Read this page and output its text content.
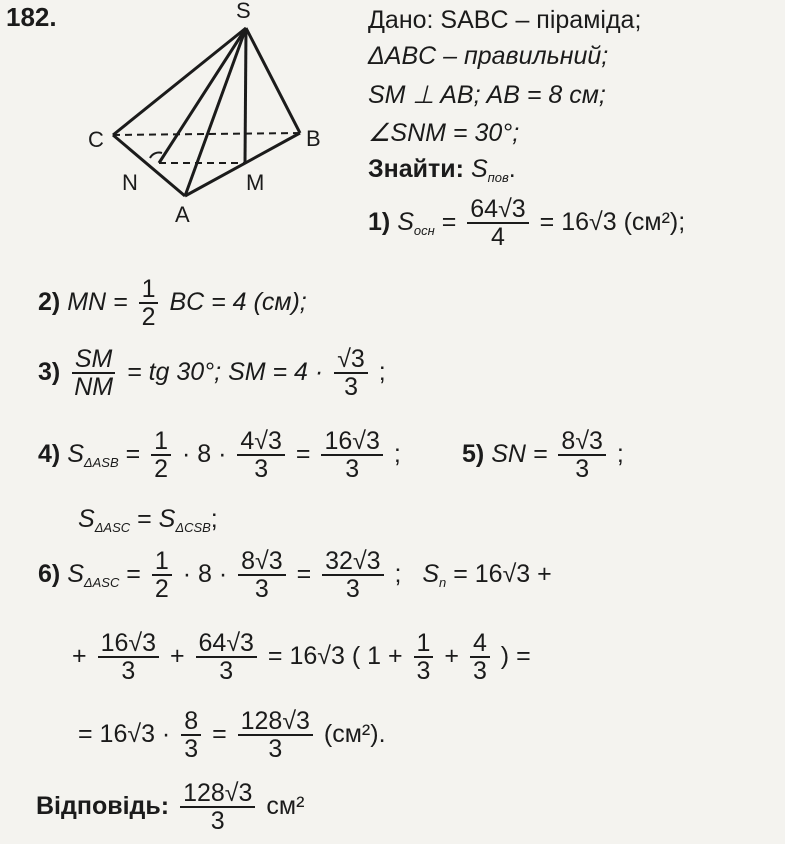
182.	S
C	B
N	M
A
Дано: SABC – піраміда;
ΔABC – правильний;
SM ⊥ AB; AB = 8 см;
∠SNM = 30°;
Знайти: $S_{пов}$.
1) $S_{осн} = \frac{64√3}{4} = 16√3$ (см²);
2) MN = $\frac{1}{2}$ BC = 4 (см);
$3) \frac{SM}{NM}$ = tg 30°; SM = $4 \cdot \frac{√3}{3}$ ;
4) $S_{\Delta ASB} = \frac{1}{2} \cdot 8 \cdot \frac{4√3}{3} = \frac{16√3}{3}$ ; 5) SN = $\frac{8√3}{3}$ ;
$S_{\Delta ASC} = S_{\Delta CSB}$;
6) $S_{\Delta ASC} = \frac{1}{2} \cdot 8 \cdot \frac{8√3}{3} = \frac{32√3}{3}$ ; $S_n = 16√3$ +
+ $\frac{16√3}{3} + \frac{64√3}{3} = 16√3$ ( $1 + \frac{1}{3} + \frac{4}{3}$ ) =
= $16√3 \cdot \frac{8}{3} = \frac{128√3}{3} (см^2)$.
Відповідь: $\frac{128√3}{3} см^2$
